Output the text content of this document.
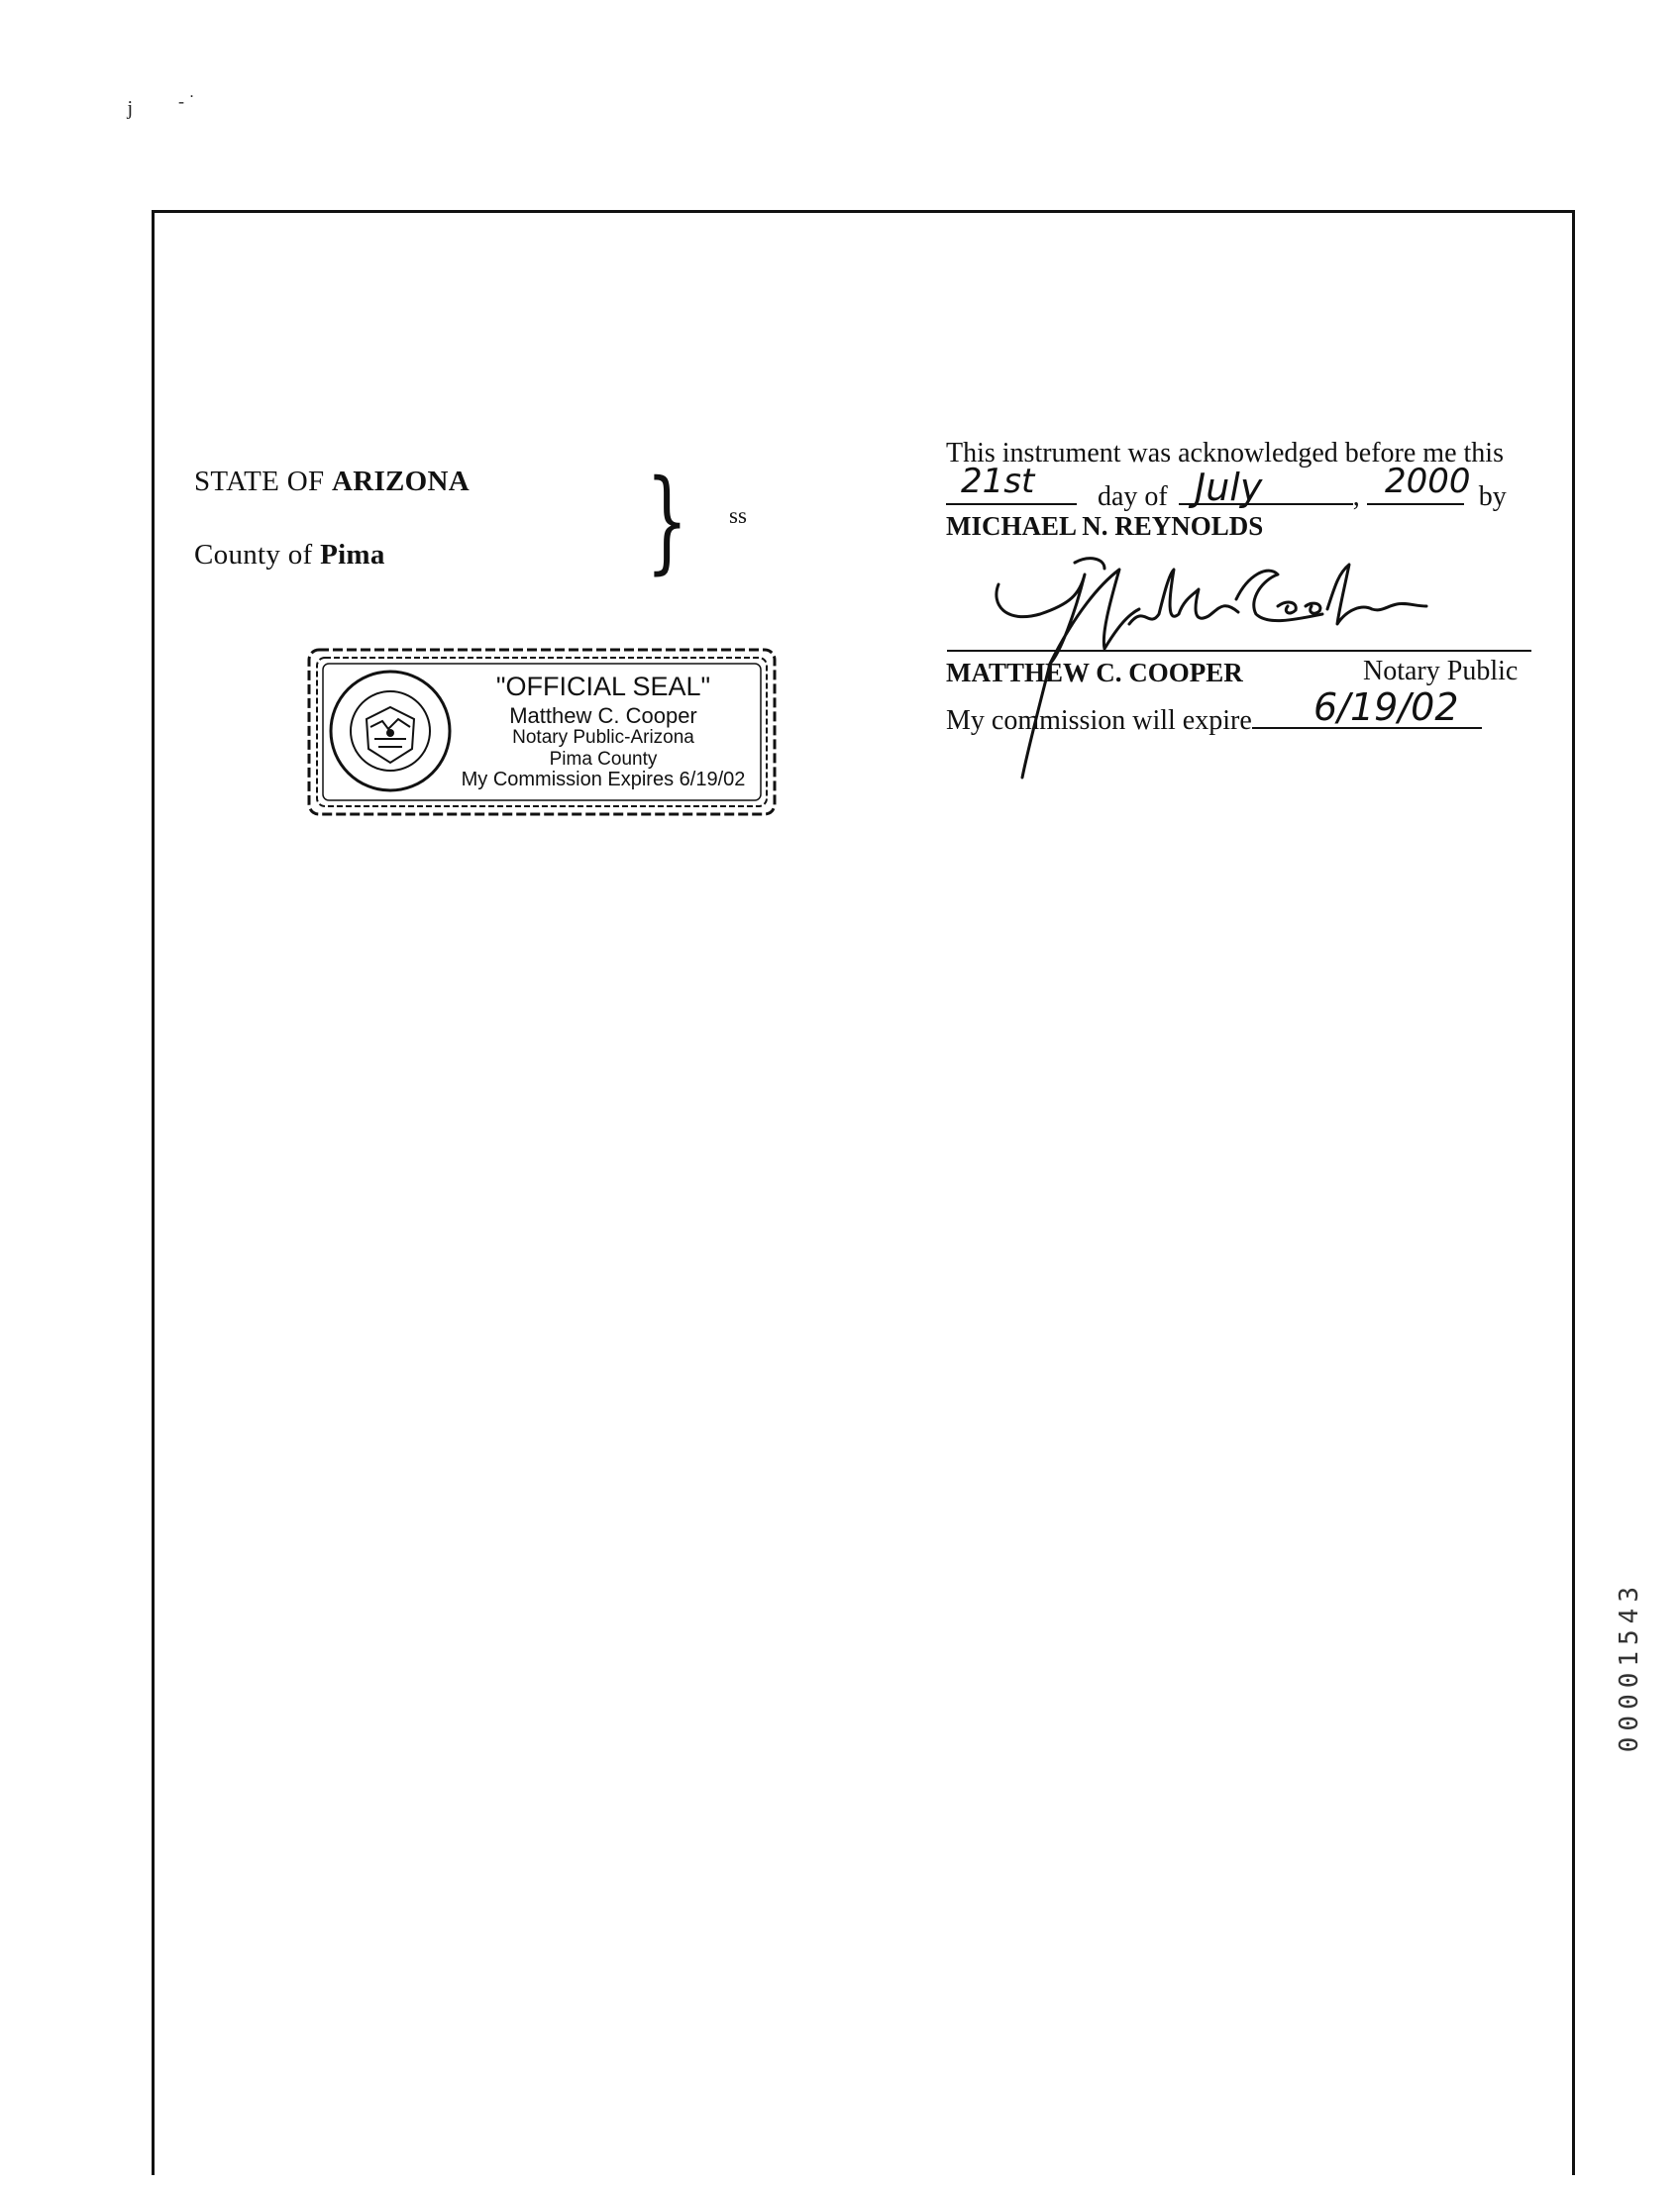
ʲ	- ˙
STATE OF ARIZONA
County of Pima } ss
This instrument was acknowledged before me this
day of	,	by
21st	July	2000
MICHAEL N. REYNOLDS
MATTHEW C. COOPER	Notary Public
My commission will expire	6/19/02
"OFFICIAL SEAL"
Matthew C. Cooper
Notary Public-Arizona
Pima County
My Commission Expires 6/19/02
00001543
